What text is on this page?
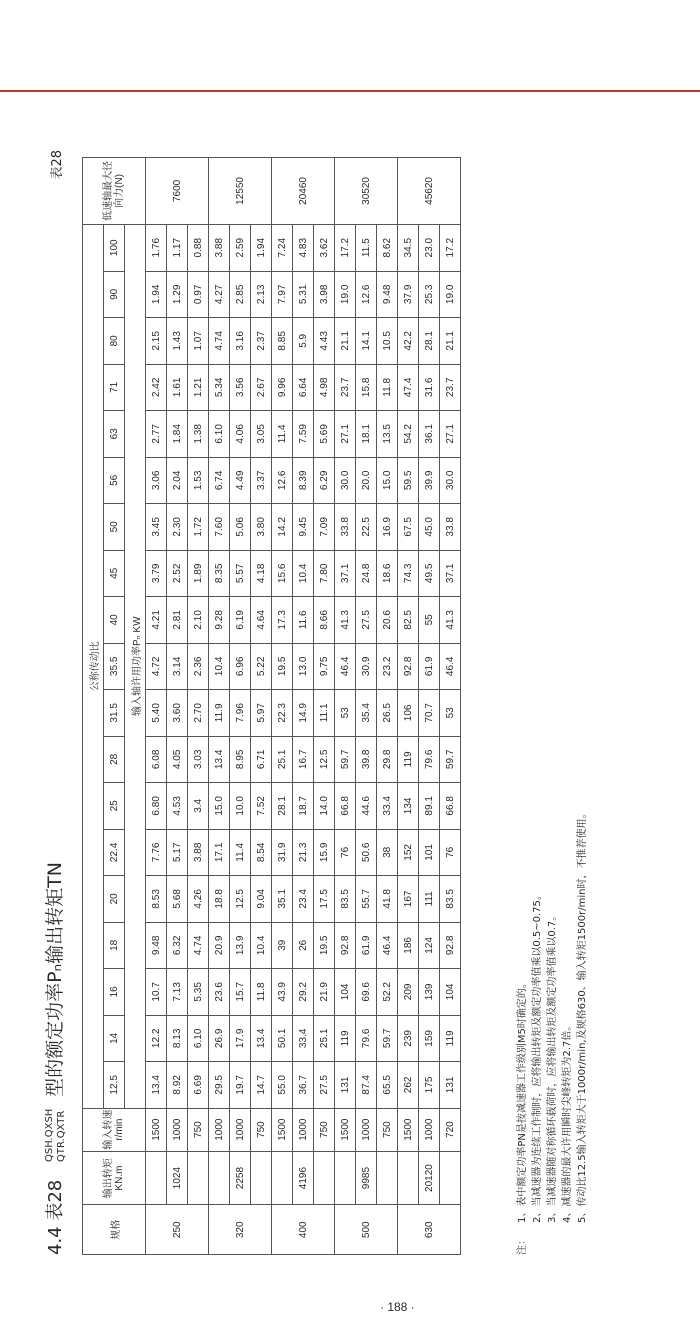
4.4 表28 QSH.QXSH
QTR.QXTR 型的额定功率Pₙ输出转矩TN
表28
规格	输出转矩KN.m	输入转速r/min	公称传动比																			低速轴最大径向力(N)
			12.5	14	16	18	20	22.4	25	28	31.5	35.5	40	45	50	56	63	71	80	90	100	
			输入轴许用功率Pₙ KW																			
250		1500	13.4	12.2	10.7	9.48	8.53	7.76	6.80	6.08	5.40	4.72	4.21	3.79	3.45	3.06	2.77	2.42	2.15	1.94	1.76	7600
	1024	1000	8.92	8.13	7.13	6.32	5.68	5.17	4.53	4.05	3.60	3.14	2.81	2.52	2.30	2.04	1.84	1.61	1.43	1.29	1.17	
		750	6.69	6.10	5.35	4.74	4.26	3.88	3.4	3.03	2.70	2.36	2.10	1.89	1.72	1.53	1.38	1.21	1.07	0.97	0.88	
320		1000	29.5	26.9	23.6	20.9	18.8	17.1	15.0	13.4	11.9	10.4	9.28	8.35	7.60	6.74	6.10	5.34	4.74	4.27	3.88	12550
	2258	1000	19.7	17.9	15.7	13.9	12.5	11.4	10.0	8.95	7.96	6.96	6.19	5.57	5.06	4.49	4.06	3.56	3.16	2.85	2.59	
		750	14.7	13.4	11.8	10.4	9.04	8.54	7.52	6.71	5.97	5.22	4.64	4.18	3.80	3.37	3.05	2.67	2.37	2.13	1.94	
400		1500	55.0	50.1	43.9	39	35.1	31.9	28.1	25.1	22.3	19.5	17.3	15.6	14.2	12.6	11.4	9.96	8.85	7.97	7.24	20460
	4196	1000	36.7	33.4	29.2	26	23.4	21.3	18.7	16.7	14.9	13.0	11.6	10.4	9.45	8.39	7.59	6.64	5.9	5.31	4.83	
		750	27.5	25.1	21.9	19.5	17.5	15.9	14.0	12.5	11.1	9.75	8.66	7.80	7.09	6.29	5.69	4.98	4.43	3.98	3.62	
500		1500	131	119	104	92.8	83.5	76	66.8	59.7	53	46.4	41.3	37.1	33.8	30.0	27.1	23.7	21.1	19.0	17.2	30520
	9985	1000	87.4	79.6	69.6	61.9	55.7	50.6	44.6	39.8	35.4	30.9	27.5	24.8	22.5	20.0	18.1	15.8	14.1	12.6	11.5	
		750	65.5	59.7	52.2	46.4	41.8	38	33.4	29.8	26.5	23.2	20.6	18.6	16.9	15.0	13.5	11.8	10.5	9.48	8.62	
630		1500	262	239	209	186	167	152	134	119	106	92.8	82.5	74.3	67.5	59.5	54.2	47.4	42.2	37.9	34.5	45620
	20120	1000	175	159	139	124	111	101	89.1	79.6	70.7	61.9	55	49.5	45.0	39.9	36.1	31.6	28.1	25.3	23.0	
		720	131	119	104	92.8	83.5	76	66.8	59.7	53	46.4	41.3	37.1	33.8	30.0	27.1	23.7	21.1	19.0	17.2	
注：1、表中额定功率PN是按减速器工作级别M5时确定的。 2、当减速器为连续工作制时，应将输出转矩及额定功率值乘以0.5~0.75。 3、当减速器随对称循环载荷时，应将输出转矩及额定功率值乘以0.7。 4、减速器的最大许用瞬时尖峰转矩为2.7倍。 5、传动比12.5输入转矩大于1000r/min,及规格630、输入转矩1500r/min时，不推荐使用。
· 188 ·
